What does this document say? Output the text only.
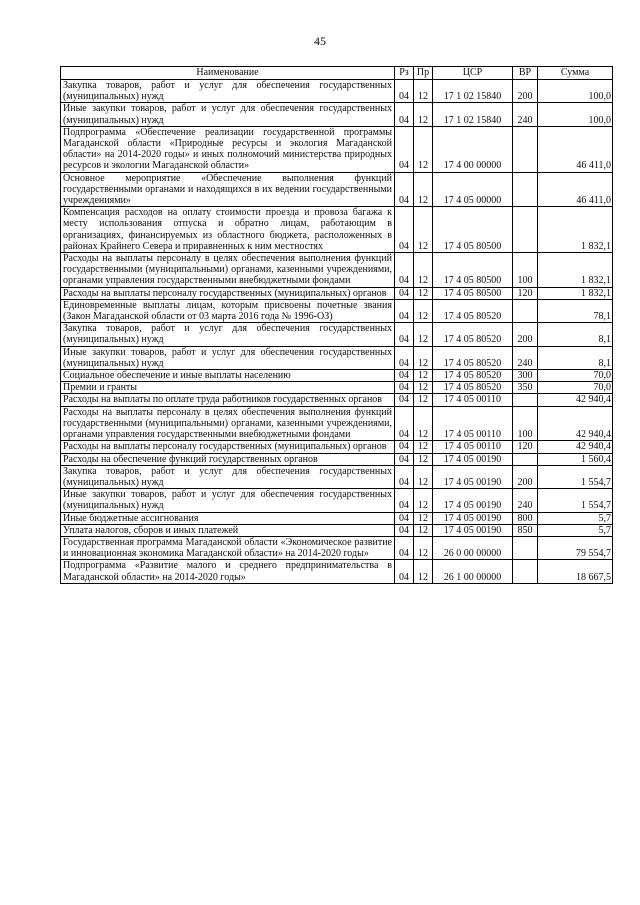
45
Наименование	Рз	Пр	ЦСР	ВР	Сумма
Закупка товаров, работ и услуг для обеспечения государственных (муниципальных) нужд	04	12	17 1 02 15840	200	100,0
Иные закупки товаров, работ и услуг для обеспечения государственных (муниципальных) нужд	04	12	17 1 02 15840	240	100,0
Подпрограмма «Обеспечение реализации государственной программы Магаданской области «Природные ресурсы и экология Магаданской области» на 2014-2020 годы» и иных полномочий министерства природных ресурсов и экологии Магаданской области»	04	12	17 4 00 00000		46 411,0
Основное мероприятие «Обеспечение выполнения функций государственными органами и находящихся в их ведении государственными учреждениями»	04	12	17 4 05 00000		46 411,0
Компенсация расходов на оплату стоимости проезда и провоза багажа к месту использования отпуска и обратно лицам, работающим в организациях, финансируемых из областного бюджета, расположенных в районах Крайнего Севера и приравненных к ним местностях	04	12	17 4 05 80500		1 832,1
Расходы на выплаты персоналу в целях обеспечения выполнения функций государственными (муниципальными) органами, казенными учреждениями, органами управления государственными внебюджетными фондами	04	12	17 4 05 80500	100	1 832,1
Расходы на выплаты персоналу государственных (муниципальных) органов	04	12	17 4 05 80500	120	1 832,1
Единовременные выплаты лицам, которым присвоены почетные звания (Закон Магаданской области от 03 марта 2016 года № 1996-ОЗ)	04	12	17 4 05 80520		78,1
Закупка товаров, работ и услуг для обеспечения государственных (муниципальных) нужд	04	12	17 4 05 80520	200	8,1
Иные закупки товаров, работ и услуг для обеспечения государственных (муниципальных) нужд	04	12	17 4 05 80520	240	8,1
Социальное обеспечение и иные выплаты населению	04	12	17 4 05 80520	300	70,0
Премии и гранты	04	12	17 4 05 80520	350	70,0
Расходы на выплаты по оплате труда работников государственных органов	04	12	17 4 05 00110		42 940,4
Расходы на выплаты персоналу в целях обеспечения выполнения функций государственными (муниципальными) органами, казенными учреждениями, органами управления государственными внебюджетными фондами	04	12	17 4 05 00110	100	42 940,4
Расходы на выплаты персоналу государственных (муниципальных) органов	04	12	17 4 05 00110	120	42 940,4
Расходы на обеспечение функций государственных органов	04	12	17 4 05 00190		1 560,4
Закупка товаров, работ и услуг для обеспечения государственных (муниципальных) нужд	04	12	17 4 05 00190	200	1 554,7
Иные закупки товаров, работ и услуг для обеспечения государственных (муниципальных) нужд	04	12	17 4 05 00190	240	1 554,7
Иные бюджетные ассигнования	04	12	17 4 05 00190	800	5,7
Уплата налогов, сборов и иных платежей	04	12	17 4 05 00190	850	5,7
Государственная программа Магаданской области «Экономическое развитие и инновационная экономика Магаданской области» на 2014-2020 годы»	04	12	26 0 00 00000		79 554,7
Подпрограмма «Развитие малого и среднего предпринимательства в Магаданской области» на 2014-2020 годы»	04	12	26 1 00 00000		18 667,5
